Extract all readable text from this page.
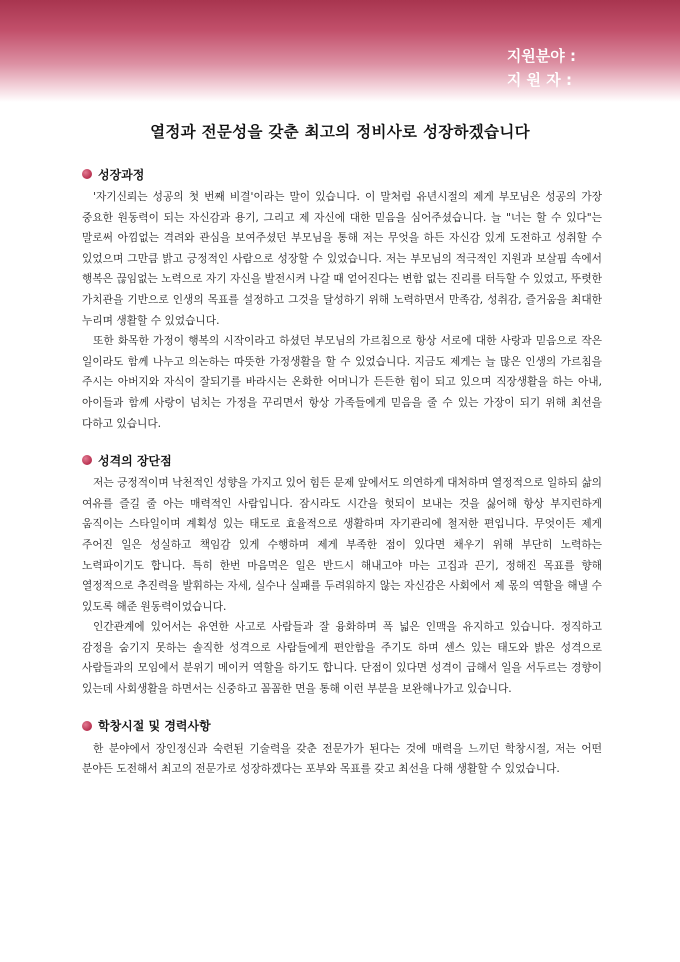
지원분야 :
지 원 자 :
열정과 전문성을 갖춘 최고의 정비사로 성장하겠습니다
성장과정

'자기신뢰는 성공의 첫 번째 비결'이라는 말이 있습니다. 이 말처럼 유년시절의 제게 부모님은 성공의 가장 중요한 원동력이 되는 자신감과 용기, 그리고 제 자신에 대한 믿음을 심어주셨습니다. 늘 "너는 할 수 있다"는 말로써 아낌없는 격려와 관심을 보여주셨던 부모님을 통해 저는 무엇을 하든 자신감 있게 도전하고 성취할 수 있었으며 그만큼 밝고 긍정적인 사람으로 성장할 수 있었습니다. 저는 부모님의 적극적인 지원과 보살핌 속에서 행복은 끊임없는 노력으로 자기 자신을 발전시켜 나갈 때 얻어진다는 변함 없는 진리를 터득할 수 있었고, 뚜렷한 가치관을 기반으로 인생의 목표를 설정하고 그것을 달성하기 위해 노력하면서 만족감, 성취감, 즐거움을 최대한 누리며 생활할 수 있었습니다.

또한 화목한 가정이 행복의 시작이라고 하셨던 부모님의 가르침으로 항상 서로에 대한 사랑과 믿음으로 작은 일이라도 함께 나누고 의논하는 따뜻한 가정생활을 할 수 있었습니다. 지금도 제게는 늘 많은 인생의 가르침을 주시는 아버지와 자식이 잘되기를 바라시는 온화한 어머니가 든든한 힘이 되고 있으며 직장생활을 하는 아내, 아이들과 함께 사랑이 넘치는 가정을 꾸리면서 항상 가족들에게 믿음을 줄 수 있는 가장이 되기 위해 최선을 다하고 있습니다.

성격의 장단점

저는 긍정적이며 낙천적인 성향을 가지고 있어 힘든 문제 앞에서도 의연하게 대처하며 열정적으로 일하되 삶의 여유를 즐길 줄 아는 매력적인 사람입니다. 잠시라도 시간을 헛되이 보내는 것을 싫어해 항상 부지런하게 움직이는 스타일이며 계획성 있는 태도로 효율적으로 생활하며 자기관리에 철저한 편입니다. 무엇이든 제게 주어진 일은 성실하고 책임감 있게 수행하며 제게 부족한 점이 있다면 채우기 위해 부단히 노력하는 노력파이기도 합니다. 특히 한번 마음먹은 일은 반드시 해내고야 마는 고집과 끈기, 정해진 목표를 향해 열정적으로 추진력을 발휘하는 자세, 실수나 실패를 두려워하지 않는 자신감은 사회에서 제 몫의 역할을 해낼 수 있도록 해준 원동력이었습니다.

인간관계에 있어서는 유연한 사고로 사람들과 잘 융화하며 폭 넓은 인맥을 유지하고 있습니다. 정직하고 감정을 숨기지 못하는 솔직한 성격으로 사람들에게 편안함을 주기도 하며 센스 있는 태도와 밝은 성격으로 사람들과의 모임에서 분위기 메이커 역할을 하기도 합니다. 단점이 있다면 성격이 급해서 일을 서두르는 경향이 있는데 사회생활을 하면서는 신중하고 꼼꼼한 면을 통해 이런 부분을 보완해나가고 있습니다.

학창시절 및 경력사항

한 분야에서 장인정신과 숙련된 기술력을 갖춘 전문가가 된다는 것에 매력을 느끼던 학창시절, 저는 어떤 분야든 도전해서 최고의 전문가로 성장하겠다는 포부와 목표를 갖고 최선을 다해 생활할 수 있었습니다.
